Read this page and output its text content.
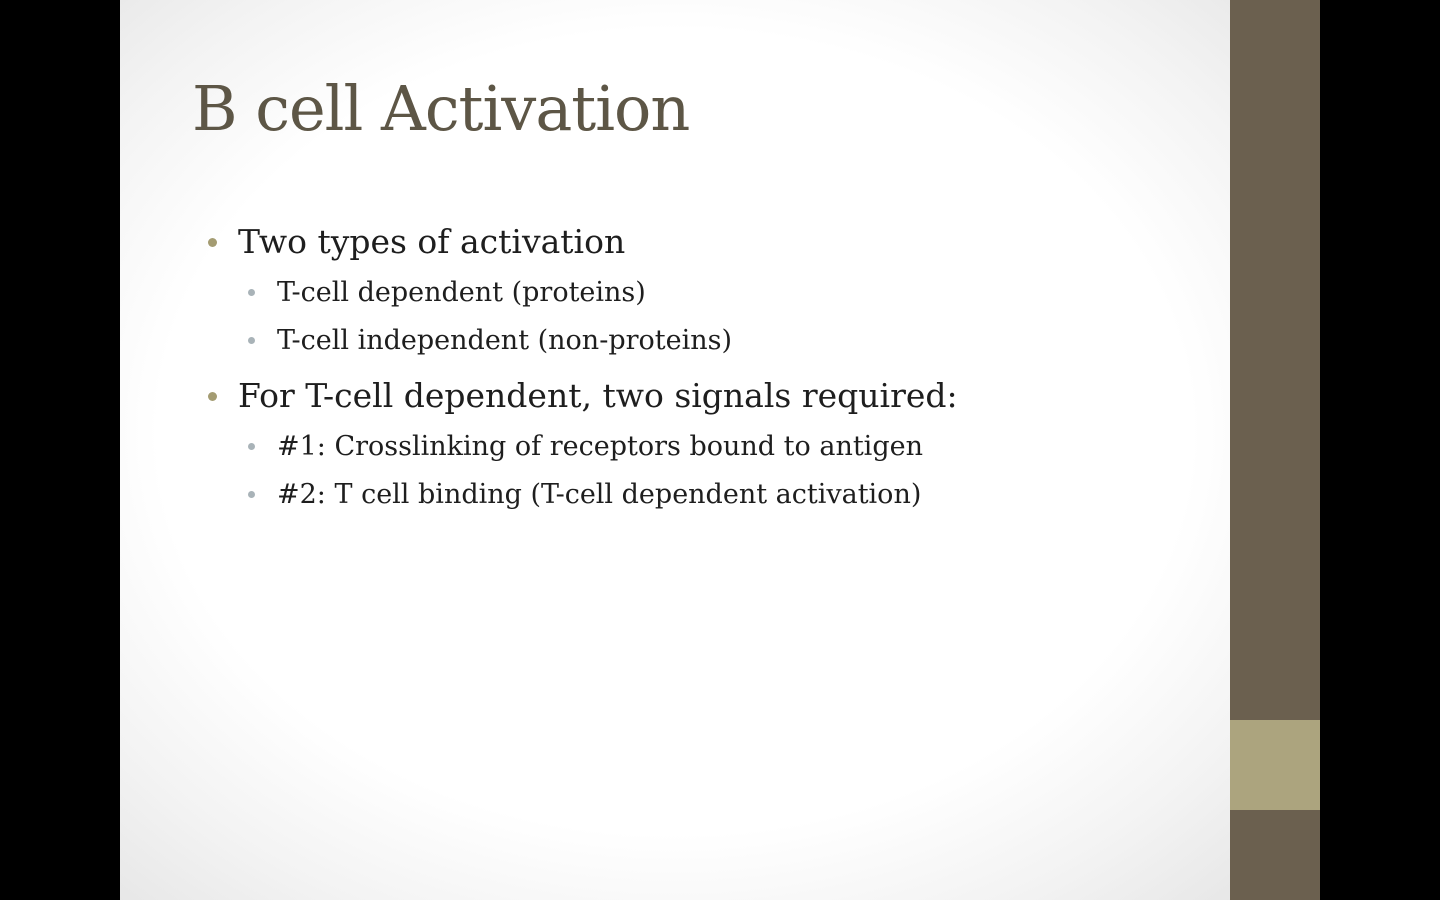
B cell Activation
Two types of activation
T-cell dependent (proteins)
T-cell independent (non-proteins)
For T-cell dependent, two signals required:
#1: Crosslinking of receptors bound to antigen
#2: T cell binding (T-cell dependent activation)
